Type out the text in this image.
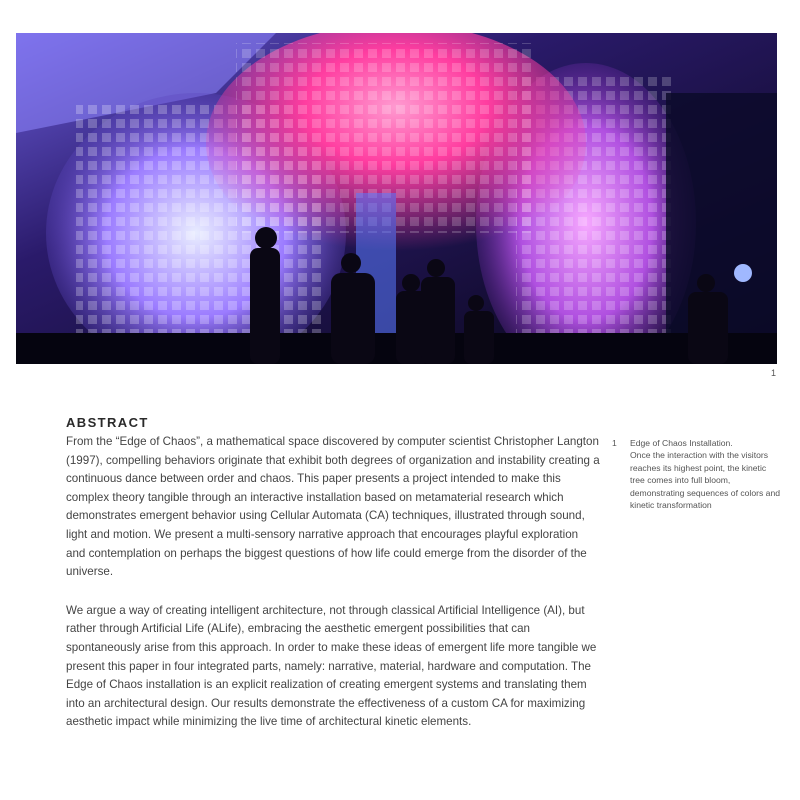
1
ABSTRACT

From the “Edge of Chaos”, a mathematical space discovered by computer scientist Christopher Langton (1997), compelling behaviors originate that exhibit both degrees of organization and instability creating a continuous dance between order and chaos. This paper presents a project intended to make this complex theory tangible through an interactive installation based on metamaterial research which demonstrates emergent behavior using Cellular Automata (CA) techniques, illustrated through sound, light and motion. We present a multi-sensory narrative approach that encourages playful exploration and contemplation on perhaps the biggest questions of how life could emerge from the disorder of the universe.

We argue a way of creating intelligent architecture, not through classical Artificial Intelligence (AI), but rather through Artificial Life (ALife), embracing the aesthetic emergent possibilities that can spontaneously arise from this approach. In order to make these ideas of emergent life more tangible we present this paper in four integrated parts, namely: narrative, material, hardware and computation. The Edge of Chaos installation is an explicit realization of creating emergent systems and translating them into an architectural design. Our results demonstrate the effectiveness of a custom CA for maximizing aesthetic impact while minimizing the live time of architectural kinetic elements.

1 Edge of Chaos Installation.
Once the interaction with the visitors reaches its highest point, the kinetic tree comes into full bloom, demonstrating sequences of colors and kinetic transformation
